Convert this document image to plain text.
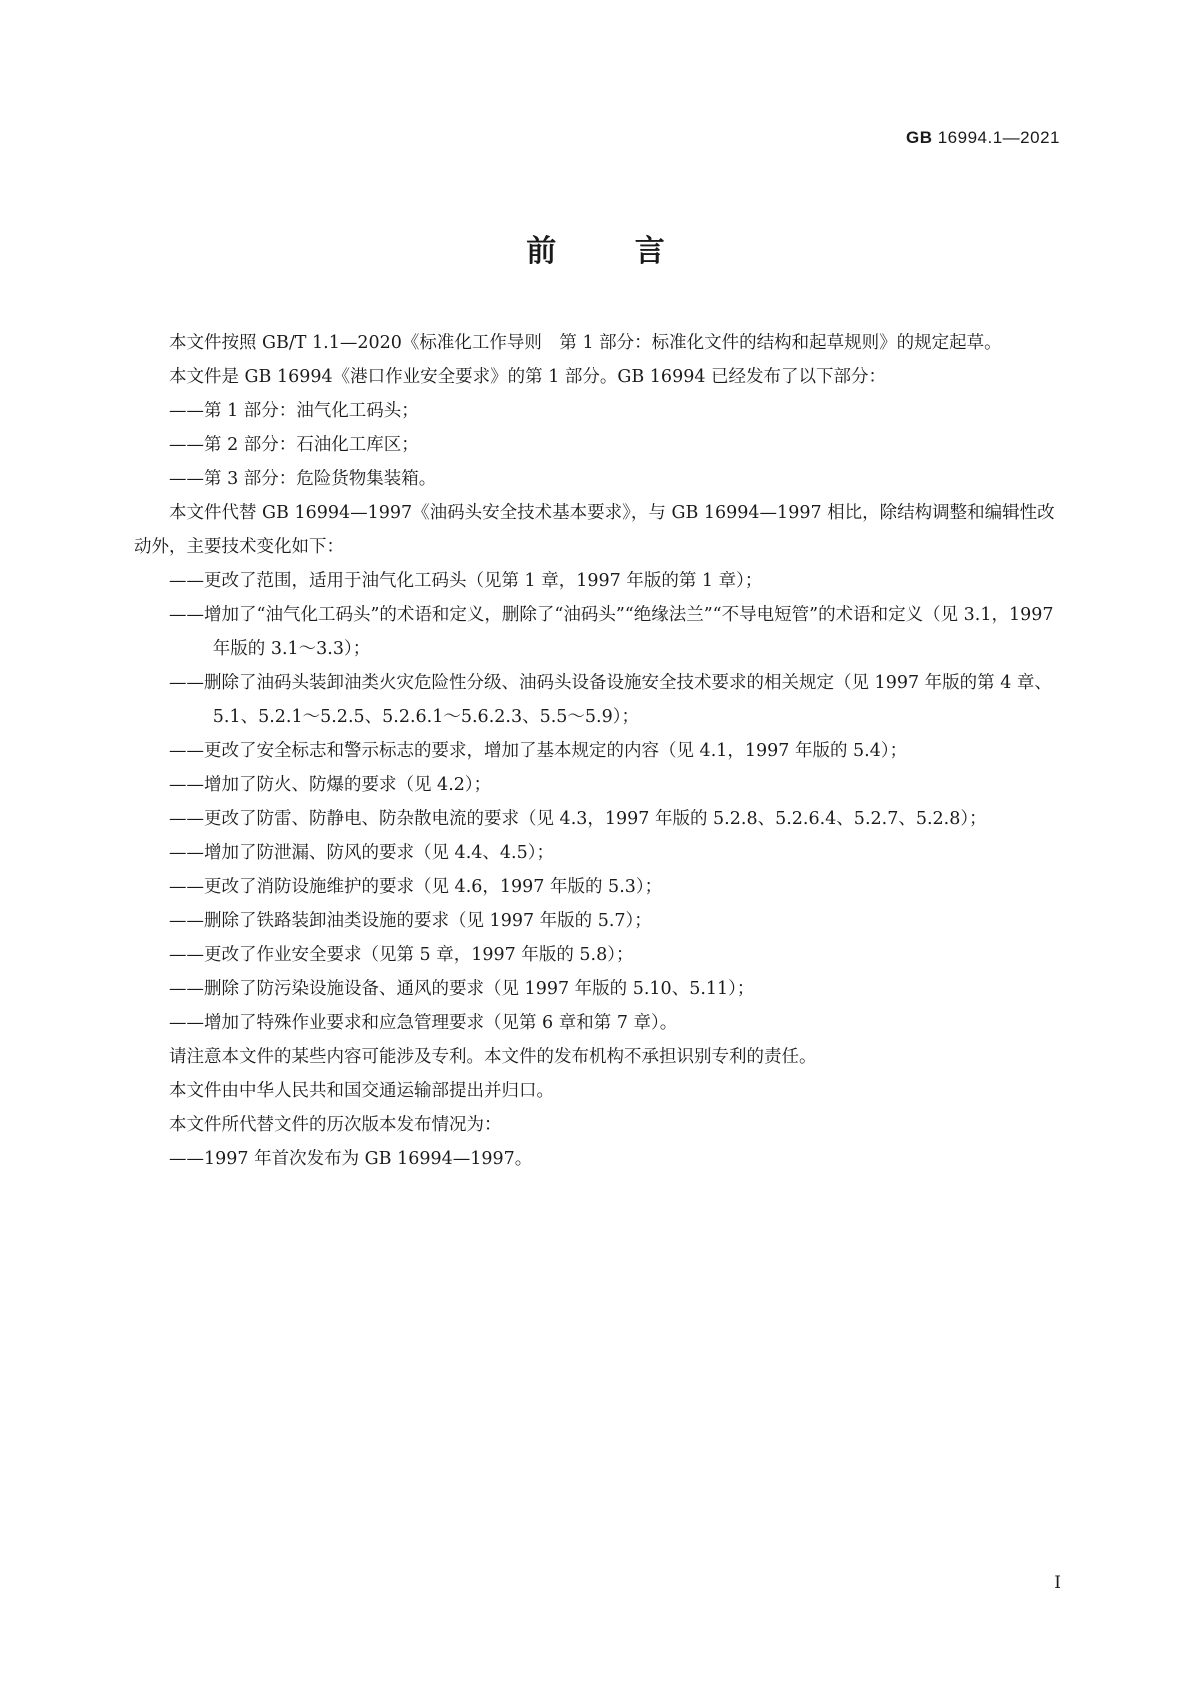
GB 16994.1—2021
前 言

本文件按照 GB/T 1.1—2020《标准化工作导则　第 1 部分：标准化文件的结构和起草规则》的规定起草。

本文件是 GB 16994《港口作业安全要求》的第 1 部分。GB 16994 已经发布了以下部分：

——第 1 部分：油气化工码头；

——第 2 部分：石油化工库区；

——第 3 部分：危险货物集装箱。

本文件代替 GB 16994—1997《油码头安全技术基本要求》，与 GB 16994—1997 相比，除结构调整和编辑性改动外，主要技术变化如下：

——更改了范围，适用于油气化工码头（见第 1 章，1997 年版的第 1 章）；

——增加了“油气化工码头”的术语和定义，删除了“油码头”“绝缘法兰”“不导电短管”的术语和定义（见 3.1，1997 年版的 3.1～3.3）；

——删除了油码头装卸油类火灾危险性分级、油码头设备设施安全技术要求的相关规定（见 1997 年版的第 4 章、5.1、5.2.1～5.2.5、5.2.6.1～5.6.2.3、5.5～5.9）；

——更改了安全标志和警示标志的要求，增加了基本规定的内容（见 4.1，1997 年版的 5.4）；

——增加了防火、防爆的要求（见 4.2）；

——更改了防雷、防静电、防杂散电流的要求（见 4.3，1997 年版的 5.2.8、5.2.6.4、5.2.7、5.2.8）；

——增加了防泄漏、防风的要求（见 4.4、4.5）；

——更改了消防设施维护的要求（见 4.6，1997 年版的 5.3）；

——删除了铁路装卸油类设施的要求（见 1997 年版的 5.7）；

——更改了作业安全要求（见第 5 章，1997 年版的 5.8）；

——删除了防污染设施设备、通风的要求（见 1997 年版的 5.10、5.11）；

——增加了特殊作业要求和应急管理要求（见第 6 章和第 7 章）。

请注意本文件的某些内容可能涉及专利。本文件的发布机构不承担识别专利的责任。

本文件由中华人民共和国交通运输部提出并归口。

本文件所代替文件的历次版本发布情况为：

——1997 年首次发布为 GB 16994—1997。

I
